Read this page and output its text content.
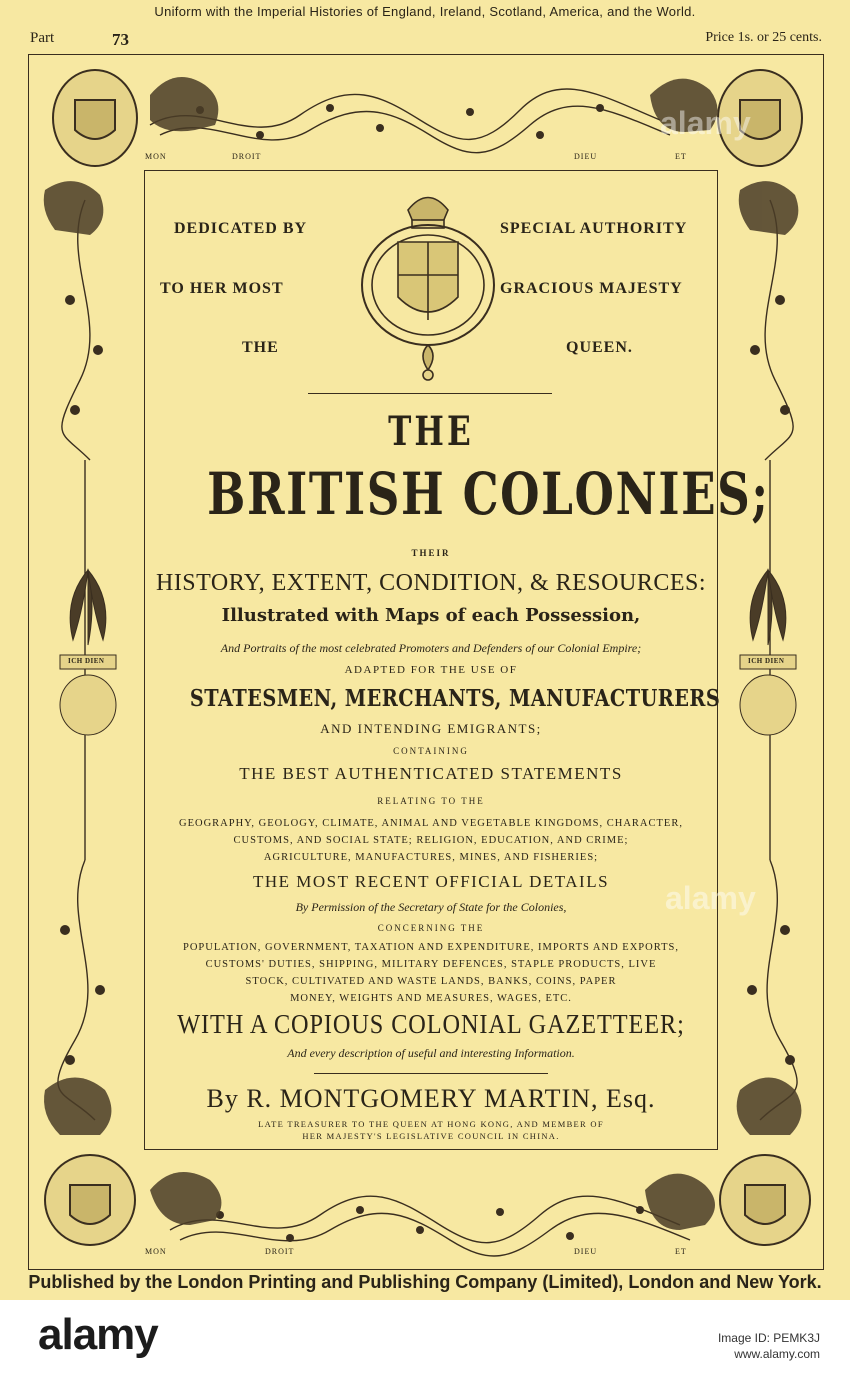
Uniform with the Imperial Histories of England, Ireland, Scotland, America, and the World.
Part	73	Price 1s. or 25 cents.
MON	DROIT	DIEU	ET
MON	DROIT	DIEU	ET
ICH DIEN	ICH DIEN
DEDICATED BY	SPECIAL AUTHORITY
TO HER MOST	GRACIOUS MAJESTY
THE	QUEEN.
THE
BRITISH COLONIES;
THEIR
HISTORY, EXTENT, CONDITION, & RESOURCES:
Illustrated with Maps of each Possession,
And Portraits of the most celebrated Promoters and Defenders of our Colonial Empire;
ADAPTED FOR THE USE OF
STATESMEN, MERCHANTS, MANUFACTURERS
AND INTENDING EMIGRANTS;
CONTAINING
THE BEST AUTHENTICATED STATEMENTS
RELATING TO THE
GEOGRAPHY, GEOLOGY, CLIMATE, ANIMAL AND VEGETABLE KINGDOMS, CHARACTER,
CUSTOMS, AND SOCIAL STATE; RELIGION, EDUCATION, AND CRIME;
AGRICULTURE, MANUFACTURES, MINES, AND FISHERIES;
THE MOST RECENT OFFICIAL DETAILS
By Permission of the Secretary of State for the Colonies,
CONCERNING THE
POPULATION, GOVERNMENT, TAXATION AND EXPENDITURE, IMPORTS AND EXPORTS,
CUSTOMS' DUTIES, SHIPPING, MILITARY DEFENCES, STAPLE PRODUCTS, LIVE
STOCK, CULTIVATED AND WASTE LANDS, BANKS, COINS, PAPER
MONEY, WEIGHTS AND MEASURES, WAGES, ETC.
WITH A COPIOUS COLONIAL GAZETTEER;
And every description of useful and interesting Information.
By R. MONTGOMERY MARTIN, Esq.
LATE TREASURER TO THE QUEEN AT HONG KONG, AND MEMBER OF
HER MAJESTY'S LEGISLATIVE COUNCIL IN CHINA.
Published by the London Printing and Publishing Company (Limited), London and New York.
alamy
alamy
alamy	Image ID: PEMK3J
www.alamy.com
